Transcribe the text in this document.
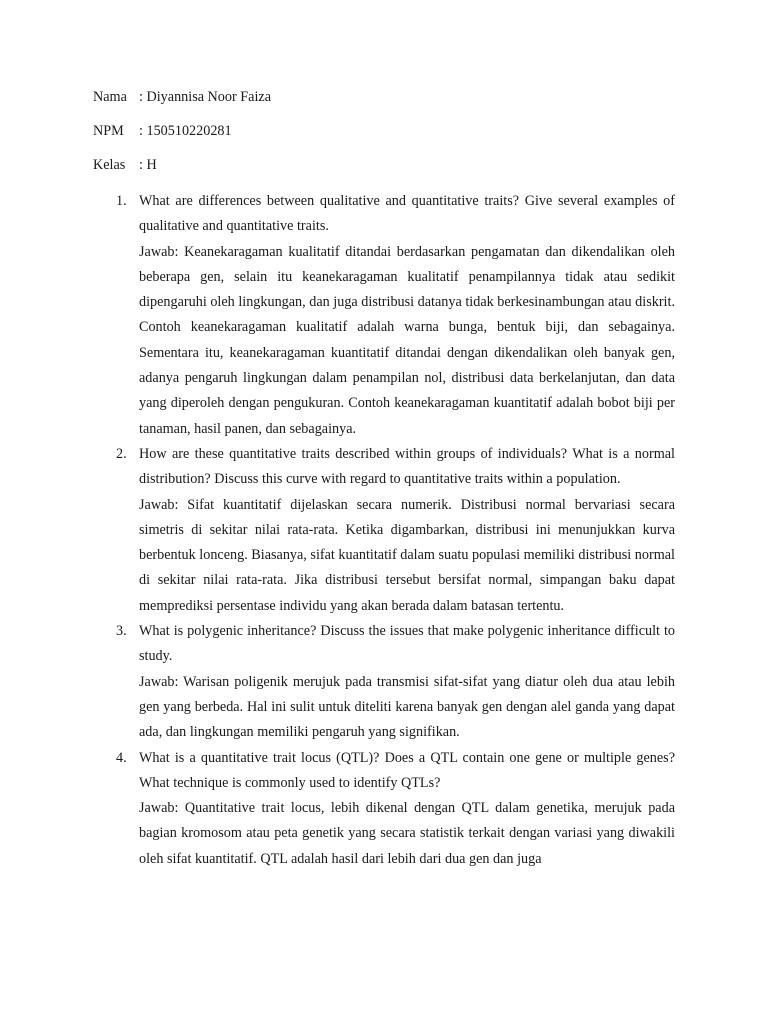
Nama : Diyannisa Noor Faiza
NPM : 150510220281
Kelas : H
1. What are differences between qualitative and quantitative traits? Give several examples of qualitative and quantitative traits.
Jawab: Keanekaragaman kualitatif ditandai berdasarkan pengamatan dan dikendalikan oleh beberapa gen, selain itu keanekaragaman kualitatif penampilannya tidak atau sedikit dipengaruhi oleh lingkungan, dan juga distribusi datanya tidak berkesinambungan atau diskrit. Contoh keanekaragaman kualitatif adalah warna bunga, bentuk biji, dan sebagainya. Sementara itu, keanekaragaman kuantitatif ditandai dengan dikendalikan oleh banyak gen, adanya pengaruh lingkungan dalam penampilan nol, distribusi data berkelanjutan, dan data yang diperoleh dengan pengukuran. Contoh keanekaragaman kuantitatif adalah bobot biji per tanaman, hasil panen, dan sebagainya.
2. How are these quantitative traits described within groups of individuals? What is a normal distribution? Discuss this curve with regard to quantitative traits within a population.
Jawab: Sifat kuantitatif dijelaskan secara numerik. Distribusi normal bervariasi secara simetris di sekitar nilai rata-rata. Ketika digambarkan, distribusi ini menunjukkan kurva berbentuk lonceng. Biasanya, sifat kuantitatif dalam suatu populasi memiliki distribusi normal di sekitar nilai rata-rata. Jika distribusi tersebut bersifat normal, simpangan baku dapat memprediksi persentase individu yang akan berada dalam batasan tertentu.
3. What is polygenic inheritance? Discuss the issues that make polygenic inheritance difficult to study.
Jawab: Warisan poligenik merujuk pada transmisi sifat-sifat yang diatur oleh dua atau lebih gen yang berbeda. Hal ini sulit untuk diteliti karena banyak gen dengan alel ganda yang dapat ada, dan lingkungan memiliki pengaruh yang signifikan.
4. What is a quantitative trait locus (QTL)? Does a QTL contain one gene or multiple genes? What technique is commonly used to identify QTLs?
Jawab: Quantitative trait locus, lebih dikenal dengan QTL dalam genetika, merujuk pada bagian kromosom atau peta genetik yang secara statistik terkait dengan variasi yang diwakili oleh sifat kuantitatif. QTL adalah hasil dari lebih dari dua gen dan juga
